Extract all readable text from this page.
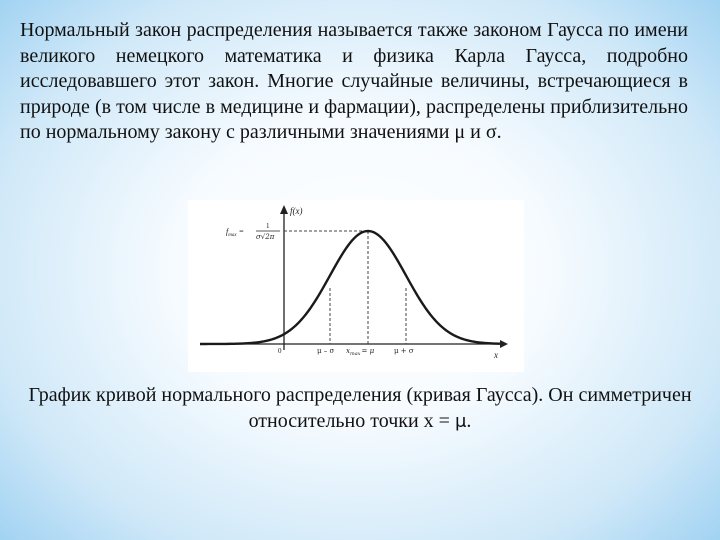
Нормальный закон распределения называется также законом Гаусса по имени великого немецкого математика и физика Карла Гаусса, подробно исследовавшего этот закон. Многие случайные величины, встречающиеся в природе (в том числе в медицине и фармации), распределены приблизительно по нормальному закону с различными значениями μ и σ.

f(x)
x
$f_{max}$ =
1
σ√2π
0	μ – σ $x_{max}= \mu$	μ + σ

График кривой нормального распределения (кривая Гаусса). Он симметричен относительно точки x = μ.
